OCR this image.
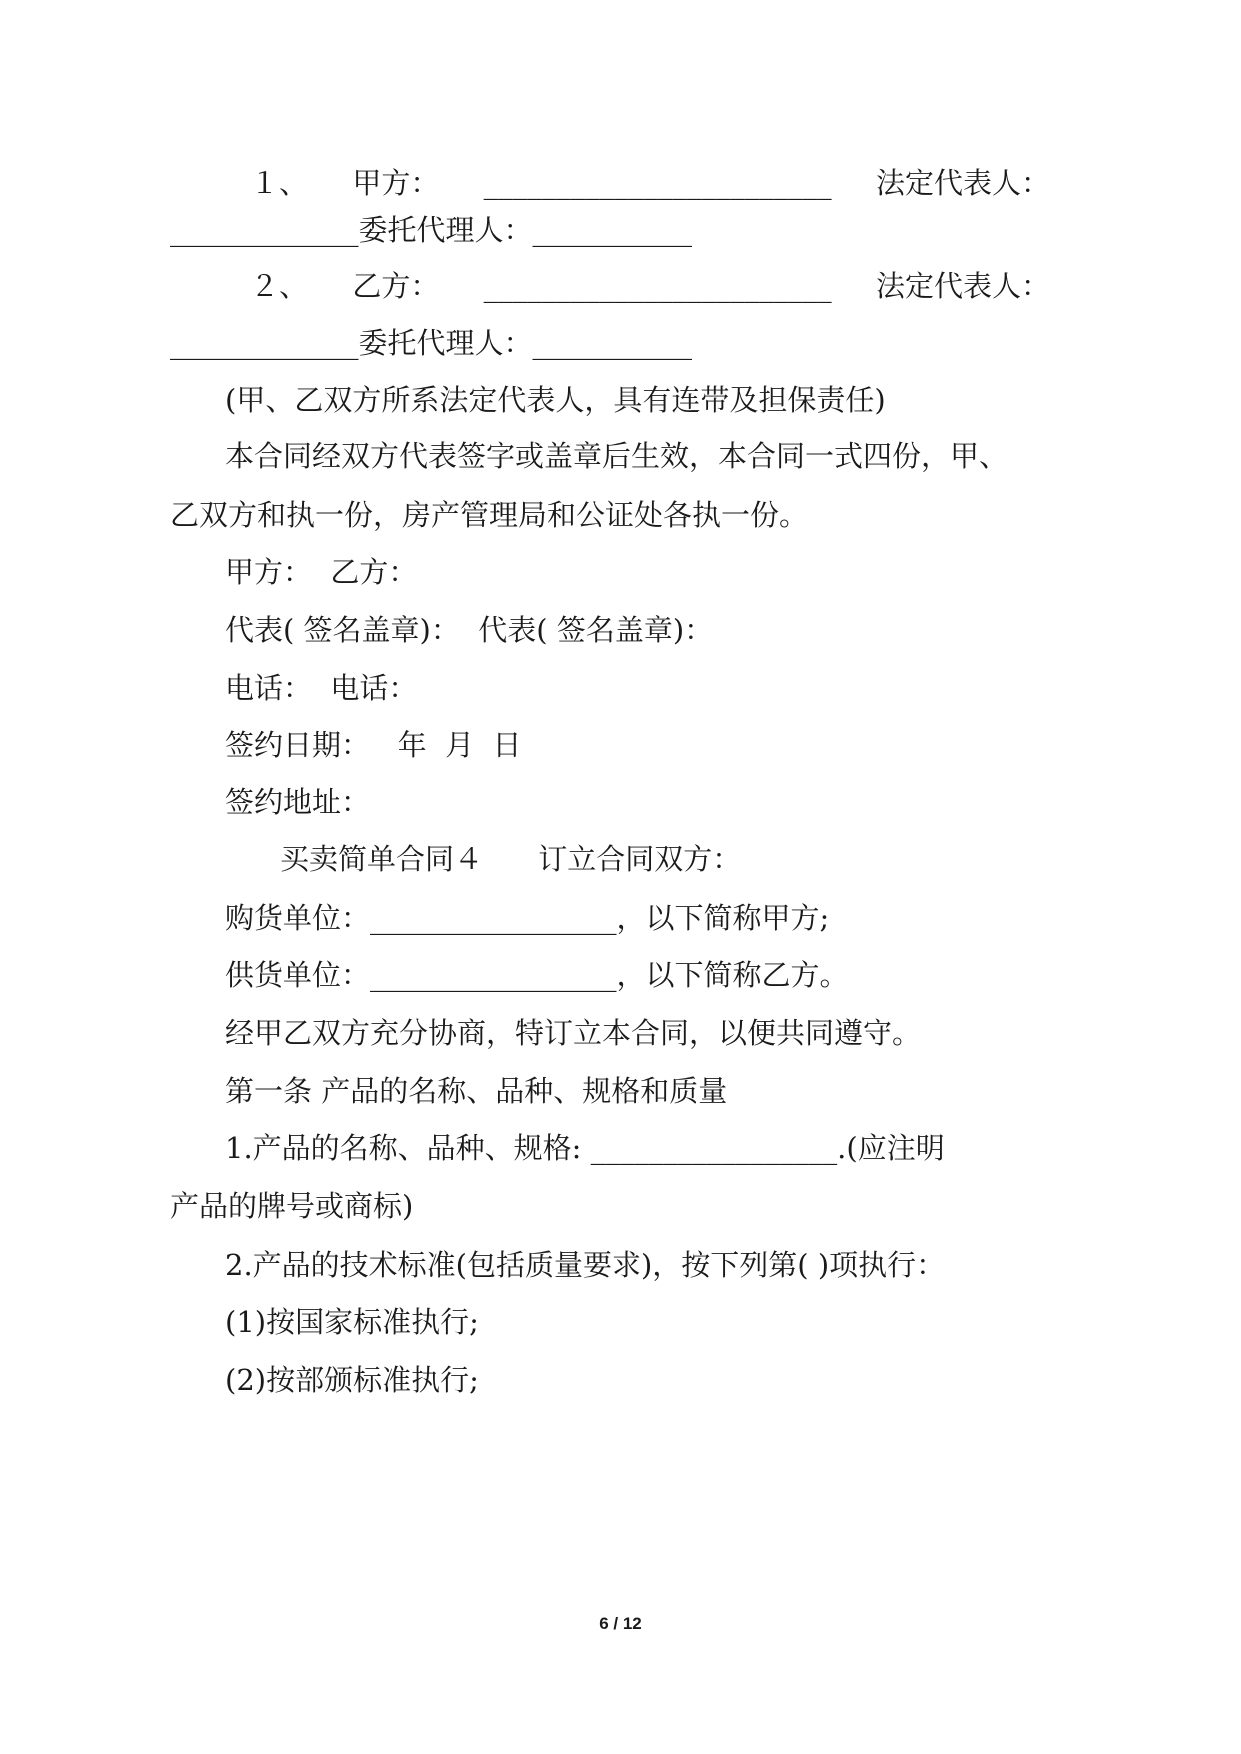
１、 甲方： ________________________ 法定代表人：
_____________委托代理人：___________
２、 乙方： ________________________ 法定代表人：
_____________委托代理人：___________
(甲、乙双方所系法定代表人，具有连带及担保责任)
本合同经双方代表签字或盖章后生效，本合同一式四份，甲、
乙双方和执一份，房产管理局和公证处各执一份。
甲方：  乙方：
代表( 签名盖章)：  代表( 签名盖章)：
电话：  电话：
签约日期：   年  月  日
签约地址：
买卖简单合同４      订立合同双方：
购货单位：_________________，以下简称甲方;
供货单位：_________________，以下简称乙方。
经甲乙双方充分协商，特订立本合同，以便共同遵守。
第一条 产品的名称、品种、规格和质量
1.产品的名称、品种、规格: _________________.(应注明
产品的牌号或商标)
2.产品的技术标准(包括质量要求)，按下列第( )项执行：
(1)按国家标准执行;
(2)按部颁标准执行;
6 / 12
